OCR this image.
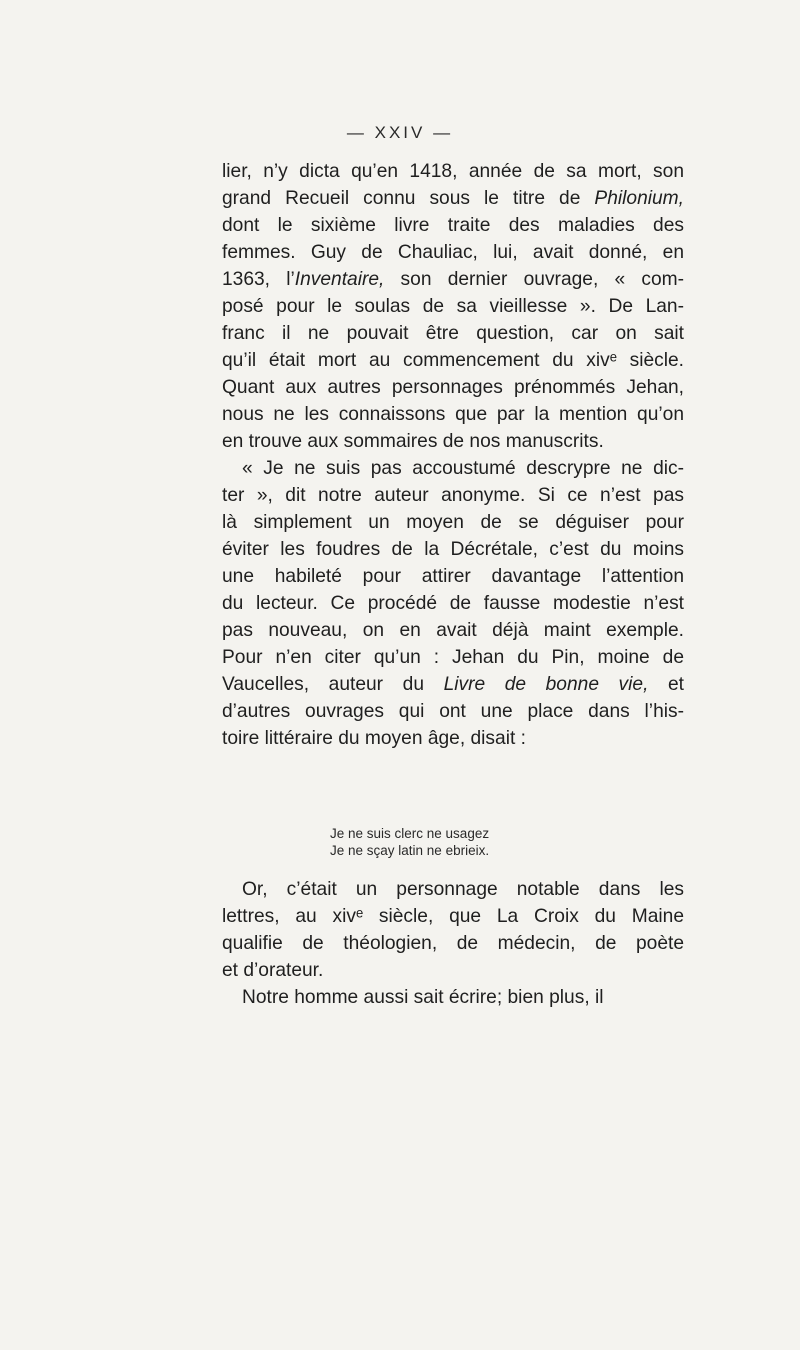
— XXIV —
lier, n’y dicta qu’en 1418, année de sa mort, son
grand Recueil connu sous le titre de Philonium,
dont le sixième livre traite des maladies des
femmes. Guy de Chauliac, lui, avait donné, en
1363, l’Inventaire, son dernier ouvrage, « com-
posé pour le soulas de sa vieillesse ». De Lan-
franc il ne pouvait être question, car on sait
qu’il était mort au commencement du xivᵉ siècle.
Quant aux autres personnages prénommés Jehan,
nous ne les connaissons que par la mention qu’on
en trouve aux sommaires de nos manuscrits.
« Je ne suis pas accoustumé descrypre ne dic-
ter », dit notre auteur anonyme. Si ce n’est pas
là simplement un moyen de se déguiser pour
éviter les foudres de la Décrétale, c’est du moins
une habileté pour attirer davantage l’attention
du lecteur. Ce procédé de fausse modestie n’est
pas nouveau, on en avait déjà maint exemple.
Pour n’en citer qu’un : Jehan du Pin, moine de
Vaucelles, auteur du Livre de bonne vie, et
d’autres ouvrages qui ont une place dans l’his-
toire littéraire du moyen âge, disait :
Je ne suis clerc ne usagez
Je ne sçay latin ne ebrieix.
Or, c’était un personnage notable dans les
lettres, au xivᵉ siècle, que La Croix du Maine
qualifie de théologien, de médecin, de poète
et d’orateur.
Notre homme aussi sait écrire; bien plus, il
